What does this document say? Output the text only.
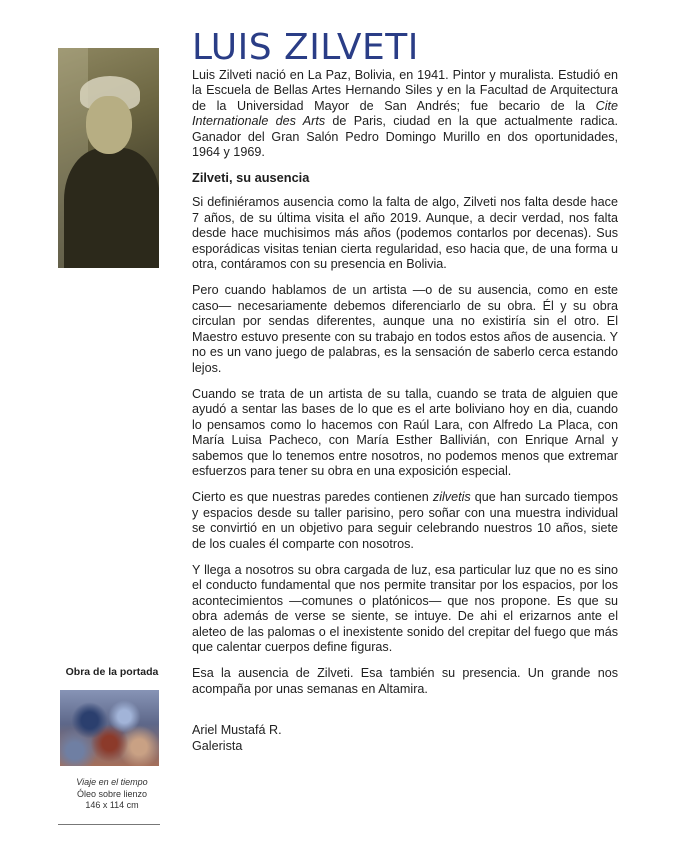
Obra de la portada
Viaje en el tiempo
Óleo sobre lienzo
146 x 114 cm
LUIS ZILVETI

Luis Zilveti nació en La Paz, Bolivia, en 1941. Pintor y muralista. Estudió en la Escuela de Bellas Artes Hernando Siles y en la Facultad de Arquitectura de la Universidad Mayor de San Andrés; fue becario de la Cite Internationale des Arts de Paris, ciudad en la que actualmente radica. Ganador del Gran Salón Pedro Domingo Murillo en dos oportunidades, 1964 y 1969.

Zilveti, su ausencia

Si definiéramos ausencia como la falta de algo, Zilveti nos falta desde hace 7 años, de su última visita el año 2019. Aunque, a decir verdad, nos falta desde hace muchisimos más años (podemos contarlos por decenas). Sus esporádicas visitas tenian cierta regularidad, eso hacia que, de una forma u otra, contáramos con su presencia en Bolivia.

Pero cuando hablamos de un artista —o de su ausencia, como en este caso— necesariamente debemos diferenciarlo de su obra. Él y su obra circulan por sendas diferentes, aunque una no existiría sin el otro. El Maestro estuvo presente con su trabajo en todos estos años de ausencia. Y no es un vano juego de palabras, es la sensación de saberlo cerca estando lejos.

Cuando se trata de un artista de su talla, cuando se trata de alguien que ayudó a sentar las bases de lo que es el arte boliviano hoy en dia, cuando lo pensamos como lo hacemos con Raúl Lara, con Alfredo La Placa, con María Luisa Pacheco, con María Esther Ballivián, con Enrique Arnal y sabemos que lo tenemos entre nosotros, no podemos menos que extremar esfuerzos para tener su obra en una exposición especial.

Cierto es que nuestras paredes contienen zilvetis que han surcado tiempos y espacios desde su taller parisino, pero soñar con una muestra individual se convirtió en un objetivo para seguir celebrando nuestros 10 años, siete de los cuales él comparte con nosotros.

Y llega a nosotros su obra cargada de luz, esa particular luz que no es sino el conducto fundamental que nos permite transitar por los espacios, por los acontecimientos —comunes o platónicos— que nos propone. Es que su obra además de verse se siente, se intuye. De ahi el erizarnos ante el aleteo de las palomas o el inexistente sonido del crepitar del fuego que más que calentar cuerpos define figuras.

Esa la ausencia de Zilveti. Esa también su presencia. Un grande nos acompaña por unas semanas en Altamira.

Ariel Mustafá R.
Galerista
